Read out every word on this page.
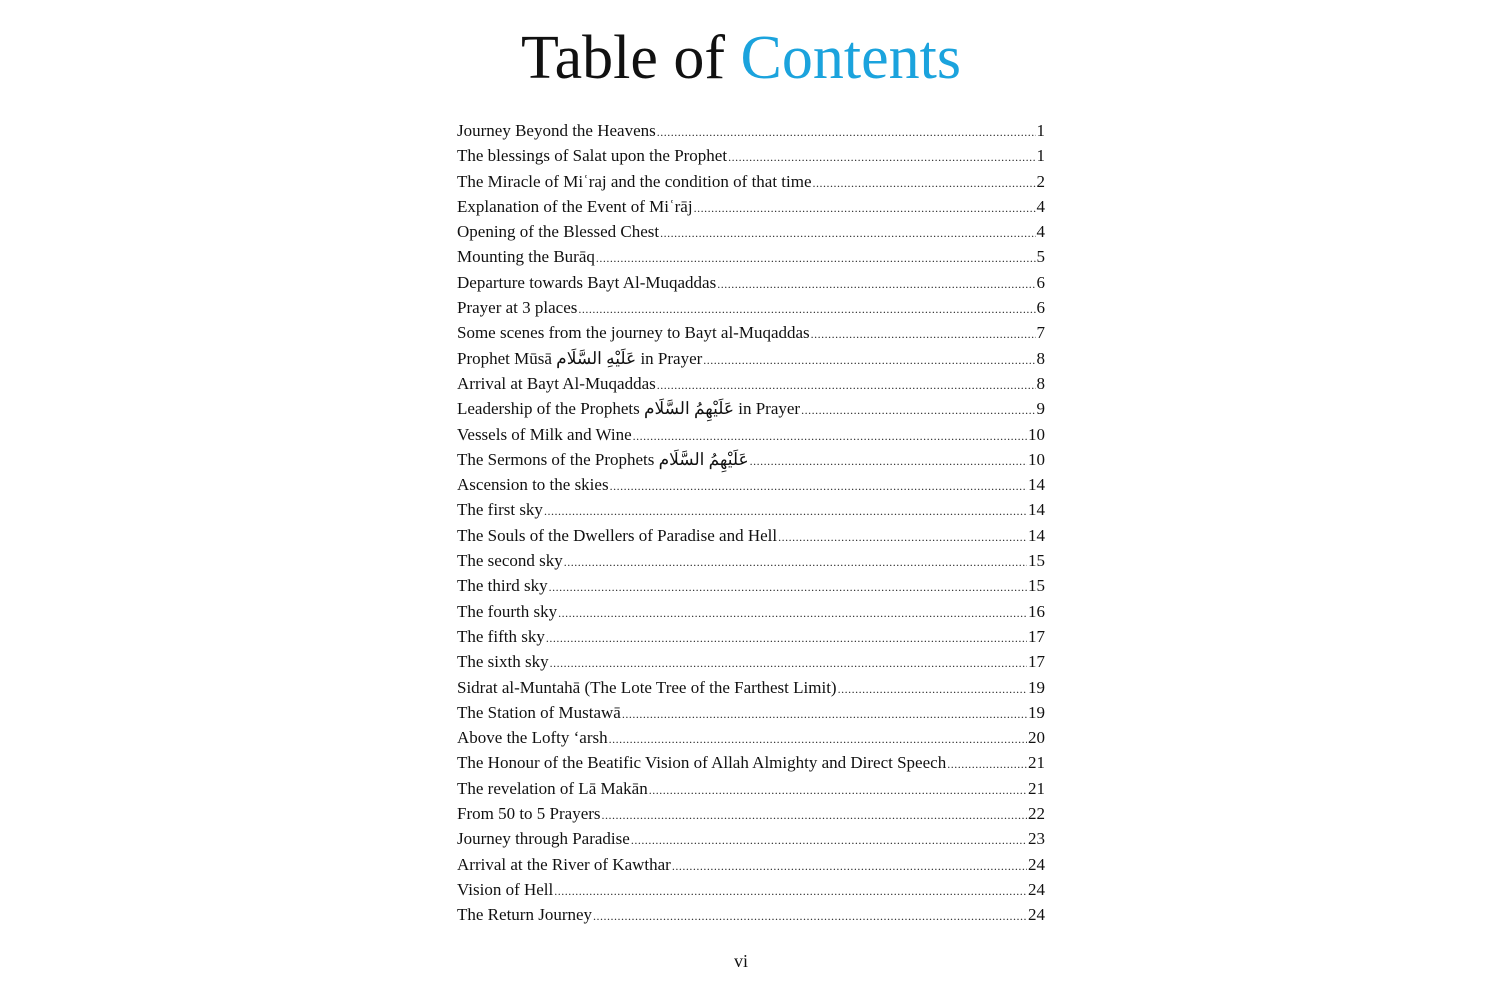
Table of Contents
Journey Beyond the Heavens .....	1
The blessings of Salat upon the Prophet .....	1
The Miracle of Miʿraj and the condition of that time .....	2
Explanation of the Event of Miʿrāj .....	4
Opening of the Blessed Chest .....	4
Mounting the Burāq .....	5
Departure towards Bayt Al-Muqaddas .....	6
Prayer at 3 places .....	6
Some scenes from the journey to Bayt al-Muqaddas .....	7
Prophet Mūsā عَلَيْهِ السَّلَام in Prayer .....	8
Arrival at Bayt Al-Muqaddas .....	8
Leadership of the Prophets عَلَيْهِمُ السَّلَام in Prayer .....	9
Vessels of Milk and Wine .....	10
The Sermons of the Prophets عَلَيْهِمُ السَّلَام .....	10
Ascension to the skies .....	14
The first sky .....	14
The Souls of the Dwellers of Paradise and Hell .....	14
The second sky .....	15
The third sky .....	15
The fourth sky .....	16
The fifth sky .....	17
The sixth sky .....	17
Sidrat al-Muntahā (The Lote Tree of the Farthest Limit) .....	19
The Station of Mustawā .....	19
Above the Lofty ‘arsh .....	20
The Honour of the Beatific Vision of Allah Almighty and Direct Speech .....	21
The revelation of Lā Makān .....	21
From 50 to 5 Prayers .....	22
Journey through Paradise .....	23
Arrival at the River of Kawthar .....	24
Vision of Hell .....	24
The Return Journey .....	24
vi
